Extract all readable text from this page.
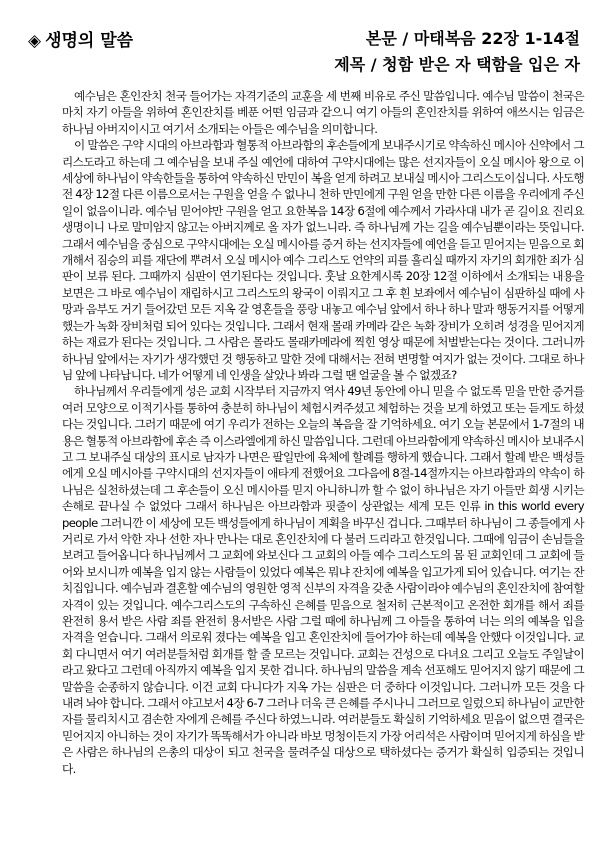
◈ 생명의 말씀	본문 / 마태복음 22장 1-14절
제목 / 청함 받은 자 택함을 입은 자

예수님은 혼인잔치 천국 들어가는 자격기준의 교훈을 세 번째 비유로 주신 말씀입니다. 예수님 말씀이 천국은 마치 자기 아들을 위하여 혼인잔치를 베푼 어떤 임금과 같으니 여기 아들의 혼인잔치를 위하여 애쓰시는 임금은 하나님 아버지이시고 여기서 소개되는 아들은 예수님을 의미합니다.

이 말씀은 구약 시대의 아브라함과 혈통적 아브라함의 후손들에게 보내주시기로 약속하신 메시아 신약에서 그리스도라고 하는데 그 예수님을 보내 주실 예언에 대하여 구약시대에는 많은 선지자들이 오실 메시아 왕으로 이 세상에 하나님이 약속한들을 통하여 약속하신 만민이 복을 얻게 하려고 보내실 메시아 그리스도이십니다. 사도행전 4장 12절 다른 이름으로서는 구원을 얻을 수 없나니 천하 만민에게 구원 얻을 만한 다른 이름을 우리에게 주신일이 없음이니라. 예수님 믿어야만 구원을 얻고 요한복음 14장 6절에 예수께서 가라사대 내가 곧 길이요 진리요 생명이니 나로 말미암지 않고는 아버지께로 올 자가 없느니라. 즉 하나님께 가는 길을 예수님뿐이라는 뜻입니다. 그래서 예수님을 중심으로 구약시대에는 오실 메시아를 증거 하는 선지자들에 예언을 듣고 믿어지는 믿음으로 회개해서 짐승의 피를 재단에 뿌려서 오실 메시아 예수 그리스도 언약의 피를 흘리실 때까지 자기의 회개한 죄가 심판이 보류 된다. 그때까지 심판이 연기된다는 것입니다. 훗날 요한계시록 20장 12절 이하에서 소개되는 내용을 보면은 그 바로 예수님이 재림하시고 그리스도의 왕국이 이뤄지고 그 후 흰 보좌에서 예수님이 심판하실 때에 사망과 음부도 거기 들어갔던 모든 지옥 갈 영혼들을 풍랑 내놓고 예수님 앞에서 하나 하나 말과 행동거지를 어떻게 했는가 녹화 장비처럼 되어 있다는 것입니다. 그래서 현재 몰래 카메라 같은 녹화 장비가 오히려 성경을 믿어지게 하는 재료가 된다는 것입니다. 그 사람은 몰라도 몰래카메라에 찍힌 영상 때문에 처벌받는다는 것이다. 그러니까 하나님 앞에서는 자기가 생각했던 것 행동하고 말한 것에 대해서는 전혀 변명할 여지가 없는 것이다. 그대로 하나님 앞에 나타납니다. 네가 어떻게 네 인생을 살았나 봐라 그럴 땐 얼굴을 볼 수 없겠죠?

하나님께서 우리들에게 성은 교회 시작부터 지금까지 역사 49년 동안에 아니 믿을 수 없도록 믿을 만한 증거를 여러 모양으로 이적기사를 통하여 충분히 하나님이 체험시켜주셨고 체험하는 것을 보게 하였고 또는 듣게도 하셨다는 것입니다. 그러기 때문에 여기 우리가 전하는 오늘의 복음을 잘 기억하세요. 여기 오늘 본문에서 1-7절의 내용은 혈통적 아브라함에 후손 즉 이스라엘에게 하신 말씀입니다. 그런데 아브라함에게 약속하신 메시아 보내주시고 그 보내주실 대상의 표시로 남자가 나면은 팔일만에 육체에 할례를 행하게 했습니다. 그래서 할례 받은 백성들에게 오실 메시아를 구약시대의 선지자들이 애타게 전했어요 그다음에 8절-14절까지는 아브라함과의 약속이 하나님은 실천하셨는데 그 후손들이 오신 메시아를 믿지 아니하니까 할 수 없이 하나님은 자기 아들만 희생 시키는 손해로 끝나실 수 없었다 그래서 하나님은 아브라함과 핏줄이 상관없는 세계 모든 인류 in this world every people 그러니깐 이 세상에 모든 백성들에게 하나님이 계획을 바꾸신 겁니다. 그때부터 하나님이 그 종들에게 사거리로 가서 악한 자나 선한 자나 만나는 대로 혼인잔치에 다 불러 드리라고 한것입니다. 그때에 임금이 손님들을 보려고 들어옵니다 하나님께서 그 교회에 와보신다 그 교회의 아들 예수 그리스도의 몸 된 교회인데 그 교회에 들어와 보시니까 예복을 입지 않는 사람들이 있었다 예복은 뭐냐 잔치에 예복을 입고가게 되어 있습니다. 여기는 잔치집입니다. 예수님과 결혼할 예수님의 영원한 영적 신부의 자격을 갖춘 사람이라야 예수님의 혼인잔치에 참여할 자격이 있는 것입니다. 예수그리스도의 구속하신 은혜를 믿음으로 철저히 근본적이고 온전한 회개를 해서 죄를 완전히 용서 받은 사람 죄를 완전히 용서받은 사람 그럴 때에 하나님께 그 아들을 통하여 너는 의의 예복을 입을 자격을 얻습니다. 그래서 의로워 졌다는 예복을 입고 혼인잔치에 들어가야 하는데 예복을 안했다 이것입니다. 교회 다니면서 여기 여러분들처럼 회개를 할 줄 모르는 것입니다. 교회는 건성으로 다녀요 그리고 오늘도 주일날이라고 왔다고 그런데 아직까지 예복을 입지 못한 겁니다. 하나님의 말씀을 계속 선포해도 믿어지지 않기 때문에 그 말씀을 순종하지 않습니다. 이건 교회 다니다가 지옥 가는 심판은 더 중하다 이것입니다. 그러니까 모든 것을 다 내려 놔야 합니다. 그래서 야고보서 4장 6-7 그러나 더욱 큰 은혜를 주시나니 그러므로 일렀으되 하나님이 교만한 자를 물리치시고 겸손한 자에게 은혜를 주신다 하였느니라. 여러분들도 확실히 기억하세요 믿음이 없으면 결국은 믿어지지 아니하는 것이 자기가 똑똑해서가 아니라 바보 멍청이든지 가장 어리석은 사람이며 믿어지게 하심을 받은 사람은 하나님의 은총의 대상이 되고 천국을 물려주실 대상으로 택하셨다는 증거가 확실히 입증되는 것입니다.
